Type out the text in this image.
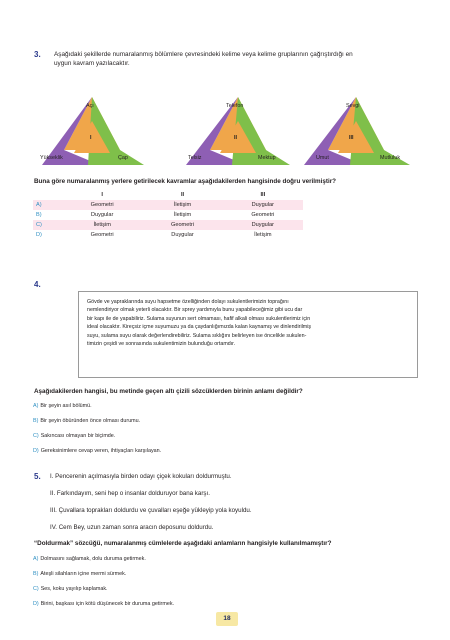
3. Aşağıdaki şekillerde numaralanmış bölümlere çevresindeki kelime veya kelime gruplarının çağrıştırdığı en
uygun kavram yazılacaktır.
Açı
I
Yükseklik	Çap
Telefon
II
Telsiz	Mektup
Sevgi
III
Umut	Mutluluk
Buna göre numaralanmış yerlere getirilecek kavramlar aşağıdakilerden hangisinde doğru verilmiştir?
	I	II	III
A)	Geometri	İletişim	Duygular
B)	Duygular	İletişim	Geometri
C)	İletişim	Geometri	Duygular
D)	Geometri	Duygular	İletişim
4.
Gövde ve yapraklarında suyu hapsetme özelliğinden dolayı sukulentlerimizin toprağını
nemlendiriyor olmak yeterli olacaktır. Bir sprey yardımıyla bunu yapabileceğimiz gibi ucu dar
bir kapı ile de yapabiliriz. Sulama suyunun sert olmaması, hafif alkali olması sukulentlerimiz için
ideal olacaktır. Kireçsiz içme suyumuzu ya da çaydanlığımızda kalan kaynamış ve dinlendirilmiş
suyu, sulama suyu olarak değerlendirebiliriz. Sulama sıklığını belirleyen ise öncelikle sukulen-
timizin çeşidi ve sonrasında sukulentimizin bulunduğu ortamdır.
Aşağıdakilerden hangisi, bu metinde geçen altı çizili sözcüklerden birinin anlamı değildir?
A) Bir şeyin asıl bölümü.
B) Bir şeyin öbüründen önce olması durumu.
C) Sakıncası olmayan bir biçimde.
D) Gereksinimlere cevap veren, ihtiyaçları karşılayan.
5. I. Pencerenin açılmasıyla birden odayı çiçek kokuları doldurmuştu.
II. Farkındayım, seni hep o insanlar dolduruyor bana karşı.
III. Çuvallara toprakları doldurdu ve çuvalları eşeğe yükleyip yola koyuldu.
IV. Cem Bey, uzun zaman sonra aracın deposunu doldurdu.
“Doldurmak” sözcüğü, numaralanmış cümlelerde aşağıdaki anlamların hangisiyle kullanılmamıştır?
A) Dolmasını sağlamak, dolu duruma getirmek.
B) Ateşli silahların içine mermi sürmek.
C) Ses, koku yayılıp kaplamak.
D) Birini, başkası için kötü düşünecek bir duruma getirmek.
18
